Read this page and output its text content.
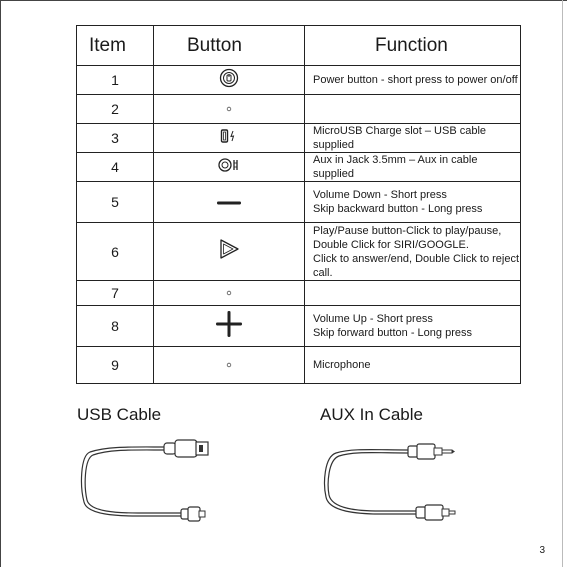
Item	Button	Function
1		Power button - short press to power on/off

2		
3		MicroUSB Charge slot – USB cable supplied

4		Aux in Jack 3.5mm – Aux in cable supplied

5		Volume Down - Short press
Skip backward button - Long press

6		Play/Pause button-Click to play/pause,
Double Click for SIRI/GOOGLE.
Click to answer/end, Double Click to reject call.

7		
8		Volume Up - Short press
Skip forward button - Long press

9		Microphone
USB Cable	AUX In Cable
3
